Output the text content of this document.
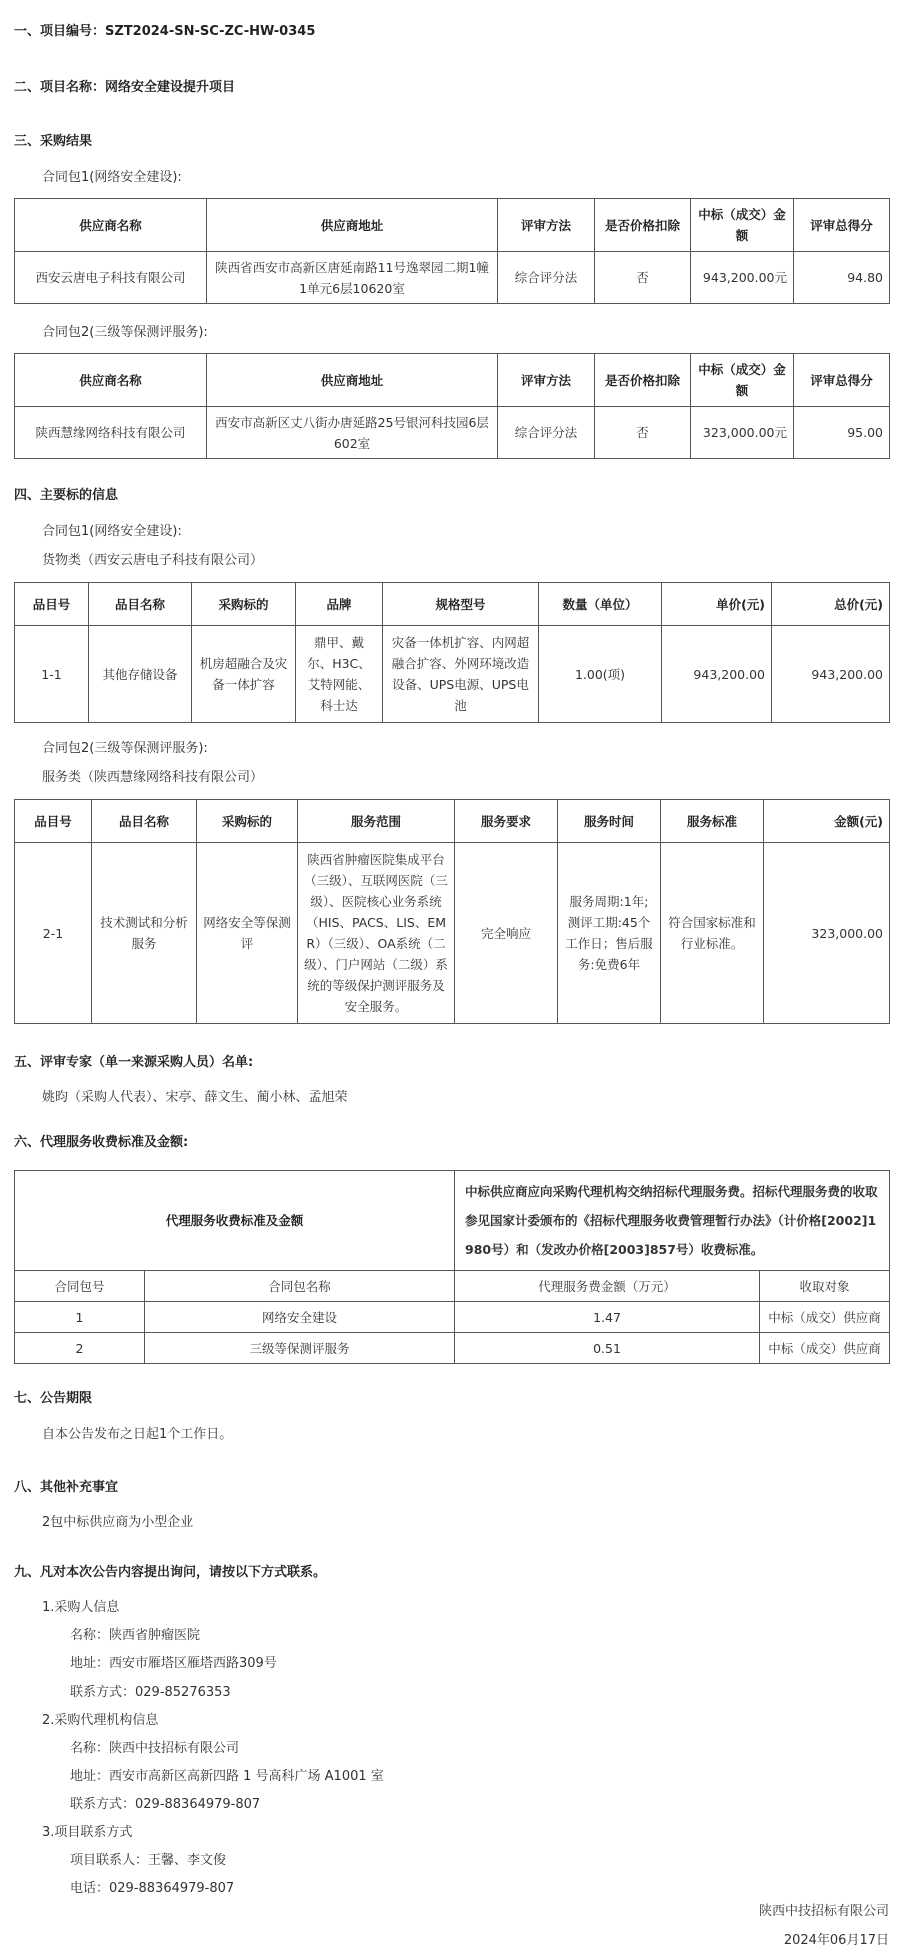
一、项目编号：SZT2024-SN-SC-ZC-HW-0345
二、项目名称：网络安全建设提升项目
三、采购结果
合同包1(网络安全建设):
供应商名称	供应商地址	评审方法	是否价格扣除	中标（成交）金额	评审总得分
西安云唐电子科技有限公司	陕西省西安市高新区唐延南路11号逸翠园二期1幢1单元6层10620室	综合评分法	否	943,200.00元	94.80
合同包2(三级等保测评服务):
供应商名称	供应商地址	评审方法	是否价格扣除	中标（成交）金额	评审总得分
陕西慧缘网络科技有限公司	西安市高新区丈八街办唐延路25号银河科技园6层602室	综合评分法	否	323,000.00元	95.00
四、主要标的信息
合同包1(网络安全建设):
货物类（西安云唐电子科技有限公司）
品目号	品目名称	采购标的	品牌	规格型号	数量（单位）	单价(元)	总价(元)
1-1	其他存储设备	机房超融合及灾备一体扩容	鼎甲、戴尔、H3C、艾特网能、科士达	灾备一体机扩容、内网超融合扩容、外网环境改造设备、UPS电源、UPS电池	1.00(项)	943,200.00	943,200.00
合同包2(三级等保测评服务):
服务类（陕西慧缘网络科技有限公司）
品目号	品目名称	采购标的	服务范围	服务要求	服务时间	服务标准	金额(元)
2-1	技术测试和分析服务	网络安全等保测评	陕西省肿瘤医院集成平台（三级）、互联网医院（三级）、医院核心业务系统（HIS、PACS、LIS、EMR）（三级）、OA系统（二级）、门户网站（二级）系统的等级保护测评服务及安全服务。	完全响应	服务周期:1年;测评工期:45个工作日；售后服务:免费6年	符合国家标准和行业标准。	323,000.00
五、评审专家（单一来源采购人员）名单:
姚昀（采购人代表）、宋亭、薛文生、蔺小林、孟旭荣
六、代理服务收费标准及金额:
代理服务收费标准及金额		中标供应商应向采购代理机构交纳招标代理服务费。招标代理服务费的收取参见国家计委颁布的《招标代理服务收费管理暂行办法》（计价格[2002]1980号）和（发改办价格[2003]857号）收费标准。	
合同包号	合同包名称	代理服务费金额（万元）	收取对象
1	网络安全建设	1.47	中标（成交）供应商
2	三级等保测评服务	0.51	中标（成交）供应商
七、公告期限
自本公告发布之日起1个工作日。
八、其他补充事宜
2包中标供应商为小型企业
九、凡对本次公告内容提出询问，请按以下方式联系。
1.采购人信息
名称：陕西省肿瘤医院
地址：西安市雁塔区雁塔西路309号
联系方式：029-85276353
2.采购代理机构信息
名称：陕西中技招标有限公司
地址：西安市高新区高新四路 1 号高科广场 A1001 室
联系方式：029-88364979-807
3.项目联系方式
项目联系人：王馨、李文俊
电话：029-88364979-807
陕西中技招标有限公司
2024年06月17日
